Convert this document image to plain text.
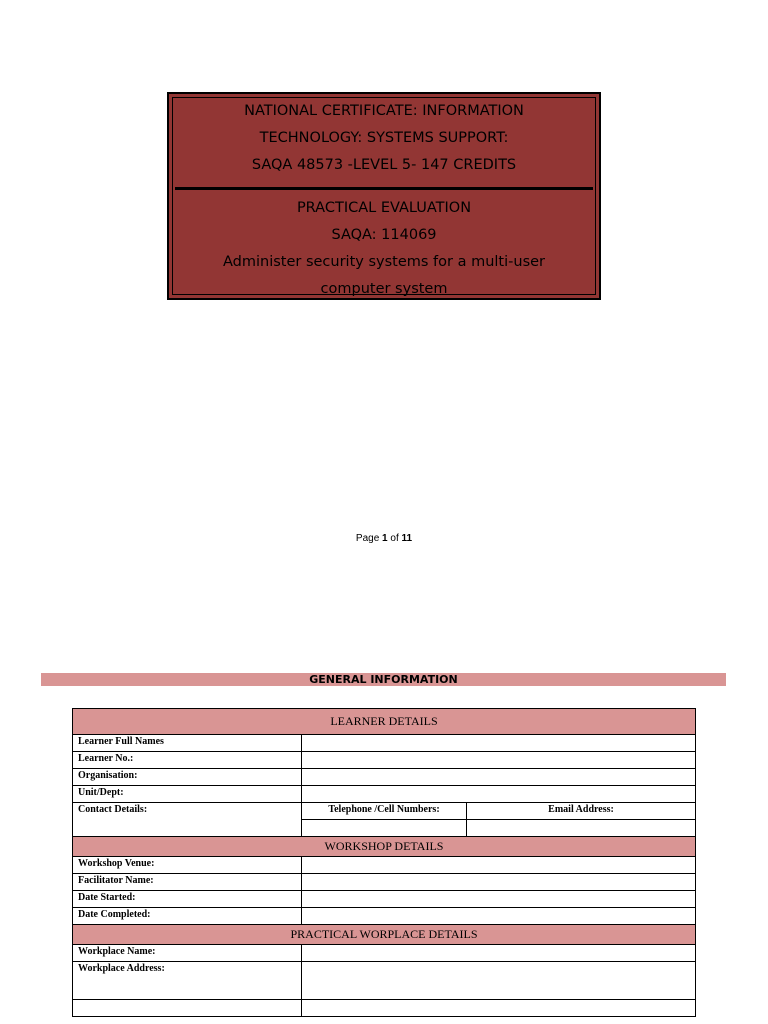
NATIONAL CERTIFICATE: INFORMATION
TECHNOLOGY: SYSTEMS SUPPORT:
SAQA 48573 -LEVEL 5- 147 CREDITS
PRACTICAL EVALUATION
SAQA: 114069
Administer security systems for a multi-user
computer system
Page 1 of 11
GENERAL INFORMATION
LEARNER DETAILS		
Learner Full Names		
Learner No.:		
Organisation:		
Unit/Dept:		
Contact Details:	Telephone /Cell Numbers:	Email Address:

WORKSHOP DETAILS		
Workshop Venue:		
Facilitator Name:		
Date Started:		
Date Completed:		
PRACTICAL WORPLACE DETAILS		
Workplace Name:		
Workplace Address:		
